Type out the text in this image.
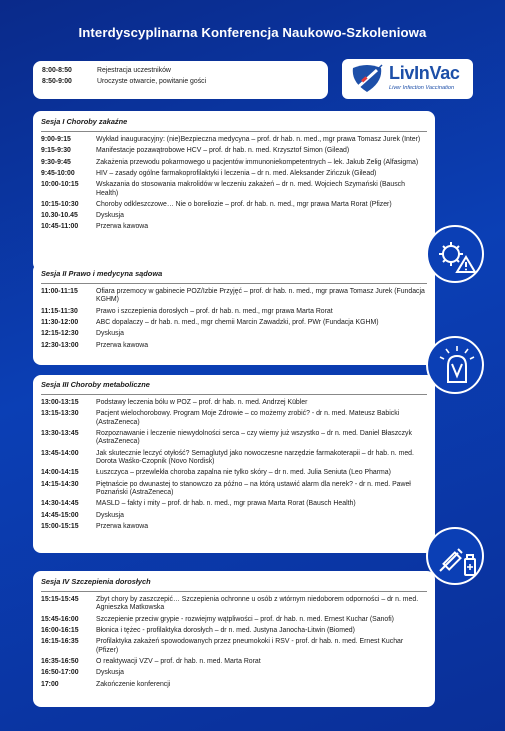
Interdyscyplinarna Konferencja Naukowo-Szkoleniowa
8:00-8:50	Rejestracja uczestników
8:50-9:00	Uroczyste otwarcie, powitanie gości	LivInVac
Liver Infection Vaccination
Sesja I Choroby zakaźne
9:00-9:15	Wykład inauguracyjny: (nie)Bezpieczna medycyna – prof. dr hab. n. med., mgr prawa Tomasz Jurek (Inter)
9:15-9:30	Manifestacje pozawątrobowe HCV – prof. dr hab. n. med. Krzysztof Simon (Gilead)
9:30-9:45	Zakażenia przewodu pokarmowego u pacjentów immunoniekompetentnych – lek. Jakub Zelig (Alfasigma)
9:45-10:00	HIV – zasady ogólne farmakoprofilaktyki i leczenia – dr n. med. Aleksander Zińczuk (Gilead)
10:00-10:15	Wskazania do stosowania makrolidów w leczeniu zakażeń – dr n. med. Wojciech Szymański (Bausch Health)
10:15-10:30	Choroby odkleszczowe… Nie o boreliozie – prof. dr hab. n. med., mgr prawa Marta Rorat (Pfizer)
10.30-10.45	Dyskusja
10:45-11:00	Przerwa kawowa
Sesja II Prawo i medycyna sądowa
11:00-11:15	Ofiara przemocy w gabinecie POZ/Izbie Przyjęć – prof. dr hab. n. med., mgr prawa Tomasz Jurek (Fundacja KGHM)
11:15-11:30	Prawo i szczepienia dorosłych – prof. dr hab. n. med., mgr prawa Marta Rorat
11:30-12:00	ABC dopalaczy – dr hab. n. med., mgr chemii Marcin Zawadzki, prof. PWr (Fundacja KGHM)
12:15-12:30	Dyskusja
12:30-13:00	Przerwa kawowa
Sesja III Choroby metaboliczne
13:00-13:15	Podstawy leczenia bólu w POZ – prof. dr hab. n. med. Andrzej Kübler
13:15-13:30	Pacjent wielochorobowy. Program Moje Zdrowie – co możemy zrobić? - dr n. med. Mateusz Babicki (AstraZeneca)
13:30-13:45	Rozpoznawanie i leczenie niewydolności serca – czy wiemy już wszystko – dr n. med. Daniel Błaszczyk (AstraZeneca)
13:45-14:00	Jak skutecznie leczyć otyłość? Semaglutyd jako nowoczesne narzędzie farmakoterapii – dr hab. n. med. Dorota Waśko-Czopnik (Novo Nordisk)
14:00-14:15	Łuszczyca – przewlekła choroba zapalna nie tylko skóry – dr n. med. Julia Seniuta (Leo Pharma)
14:15-14:30	Piętnaście po dwunastej to stanowczo za późno – na którą ustawić alarm dla nerek? - dr n. med. Paweł Poznański (AstraZeneca)
14:30-14:45	MASLD – fakty i mity – prof. dr hab. n. med., mgr prawa Marta Rorat (Bausch Health)
14:45-15:00	Dyskusja
15:00-15:15	Przerwa kawowa
Sesja IV Szczepienia dorosłych
15:15-15:45	Zbyt chory by zaszczepić… Szczepienia ochronne u osób z wtórnym niedoborem odporności – dr n. med. Agnieszka Matkowska
15:45-16:00	Szczepienie przeciw grypie - rozwiejmy wątpliwości – prof. dr hab. n. med. Ernest Kuchar (Sanofi)
16:00-16:15	Błonica i tężec - profilaktyka dorosłych – dr n. med. Justyna Janocha-Litwin (Biomed)
16:15-16:35	Profilaktyka zakażeń spowodowanych przez pneumokoki i RSV - prof. dr hab. n. med. Ernest Kuchar (Pfizer)
16:35-16:50	O reaktywacji VZV – prof. dr hab. n. med. Marta Rorat
16:50-17:00	Dyskusja
17:00	Zakończenie konferencji
